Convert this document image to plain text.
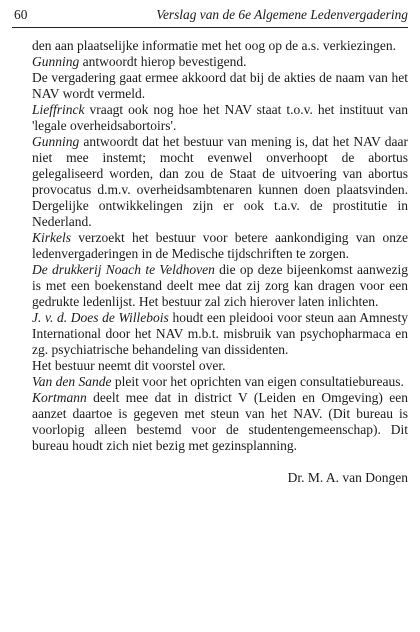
60	Verslag van de 6e Algemene Ledenvergadering

den aan plaatselijke informatie met het oog op de a.s. verkiezingen.

Gunning antwoordt hierop bevestigend.

De vergadering gaat ermee akkoord dat bij de akties de naam van het NAV wordt vermeld.

Lieffrinck vraagt ook nog hoe het NAV staat t.o.v. het instituut van 'legale overheidsabortoirs'.

Gunning antwoordt dat het bestuur van mening is, dat het NAV daar niet mee instemt; mocht evenwel onverhoopt de abortus gelegaliseerd worden, dan zou de Staat de uitvoering van abortus provocatus d.m.v. overheidsambtenaren kunnen doen plaatsvinden. Dergelijke ontwikkelingen zijn er ook t.a.v. de prostitutie in Nederland.

Kirkels verzoekt het bestuur voor betere aankondiging van onze ledenvergaderingen in de Medische tijdschriften te zorgen.

De drukkerij Noach te Veldhoven die op deze bijeenkomst aanwezig is met een boekenstand deelt mee dat zij zorg kan dragen voor een gedrukte ledenlijst. Het bestuur zal zich hierover laten inlichten.

J. v. d. Does de Willebois houdt een pleidooi voor steun aan Amnesty International door het NAV m.b.t. misbruik van psychopharmaca en zg. psychiatrische behandeling van dissidenten.

Het bestuur neemt dit voorstel over.

Van den Sande pleit voor het oprichten van eigen consultatiebureaus.

Kortmann deelt mee dat in district V (Leiden en Omgeving) een aanzet daartoe is gegeven met steun van het NAV. (Dit bureau is voorlopig alleen bestemd voor de studentengemeenschap). Dit bureau houdt zich niet bezig met gezinsplanning.

Dr. M. A. van Dongen
